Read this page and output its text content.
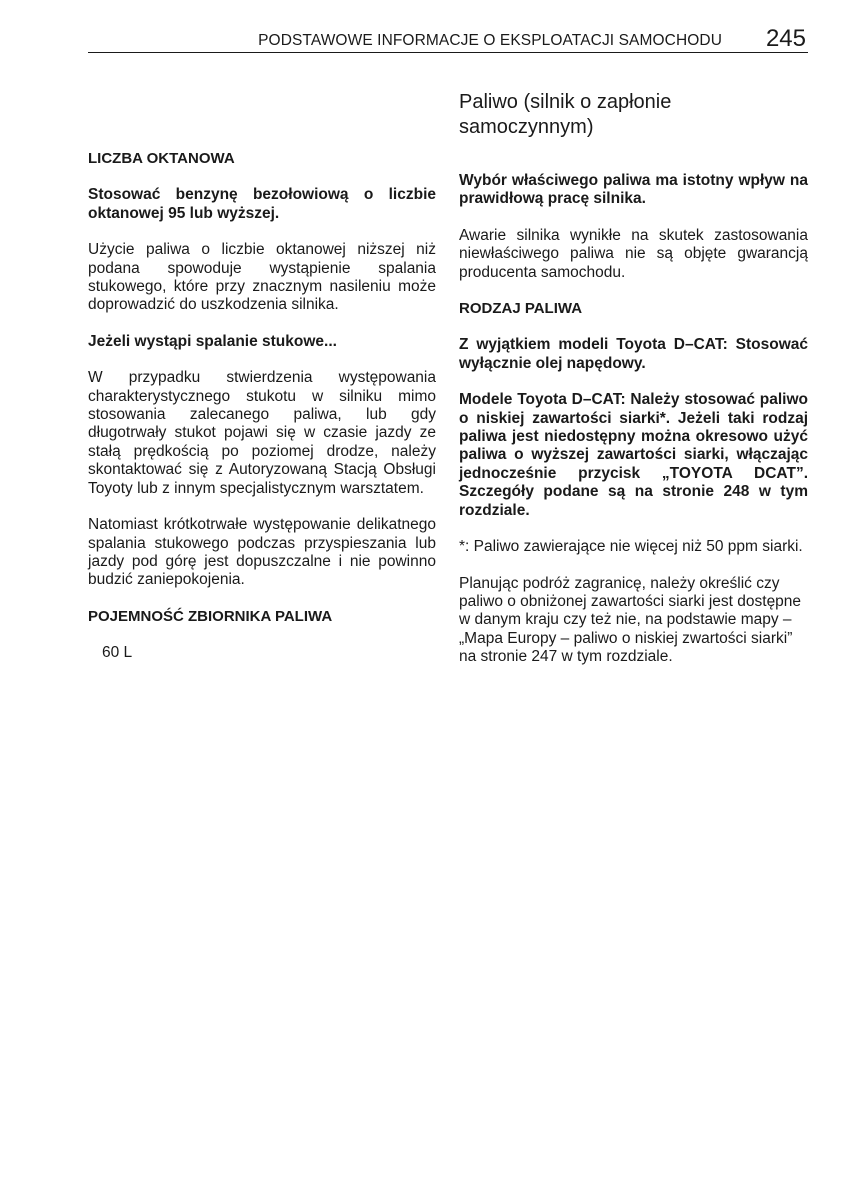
PODSTAWOWE INFORMACJE O EKSPLOATACJI SAMOCHODU 245
LICZBA OKTANOWA

Stosować benzynę bezołowiową o liczbie oktanowej 95 lub wyższej.

Użycie paliwa o liczbie oktanowej niższej niż podana spowoduje wystąpienie spalania stukowego, które przy znacznym nasileniu może doprowadzić do uszkodzenia silnika.

Jeżeli wystąpi spalanie stukowe...

W przypadku stwierdzenia występowania charakterystycznego stukotu w silniku mimo stosowania zalecanego paliwa, lub gdy długotrwały stukot pojawi się w czasie jazdy ze stałą prędkością po poziomej drodze, należy skontaktować się z Autoryzowaną Stacją Obsługi Toyoty lub z innym specjalistycznym warsztatem.

Natomiast krótkotrwałe występowanie delikatnego spalania stukowego podczas przyspieszania lub jazdy pod górę jest dopuszczalne i nie powinno budzić zaniepokojenia.

POJEMNOŚĆ ZBIORNIKA PALIWA

60 L

Paliwo (silnik o zapłonie samoczynnym)

Wybór właściwego paliwa ma istotny wpływ na prawidłową pracę silnika.

Awarie silnika wynikłe na skutek zastosowania niewłaściwego paliwa nie są objęte gwarancją producenta samochodu.

RODZAJ PALIWA

Z wyjątkiem modeli Toyota D–CAT: Stosować wyłącznie olej napędowy.

Modele Toyota D–CAT: Należy stosować paliwo o niskiej zawartości siarki*. Jeżeli taki rodzaj paliwa jest niedostępny można okresowo użyć paliwa o wyższej zawartości siarki, włączając jednocześnie przycisk „TOYOTA DCAT”. Szczegóły podane są na stronie 248 w tym rozdziale.

*: Paliwo zawierające nie więcej niż 50 ppm siarki.

Planując podróż zagranicę, należy określić czy paliwo o obniżonej zawartości siarki jest dostępne w danym kraju czy też nie, na podstawie mapy – „Mapa Europy – paliwo o niskiej zwartości siarki” na stronie 247 w tym rozdziale.
